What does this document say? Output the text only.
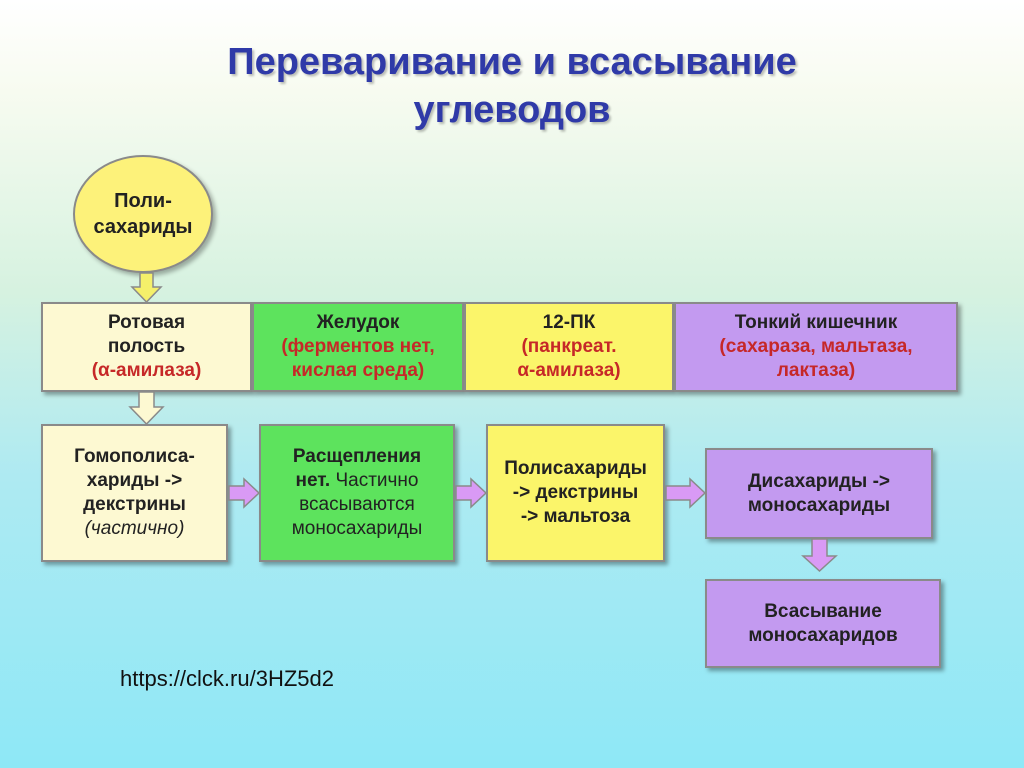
Переваривание и всасывание
углеводов
Поли-
сахариды
Ротовая
полость
(α-амилаза)
Желудок
(ферментов нет,
кислая среда)
12-ПК
(панкреат.
α-амилаза)
Тонкий кишечник
(сахараза, мальтаза,
лактаза)
Гомополиса-
хариды ->
декстрины
(частично)
Расщепления
нет. Частично
всасываются
моносахариды
Полисахариды
-> декстрины
-> мальтоза
Дисахариды ->
моносахариды
Всасывание
моносахаридов
https://clck.ru/3HZ5d2
